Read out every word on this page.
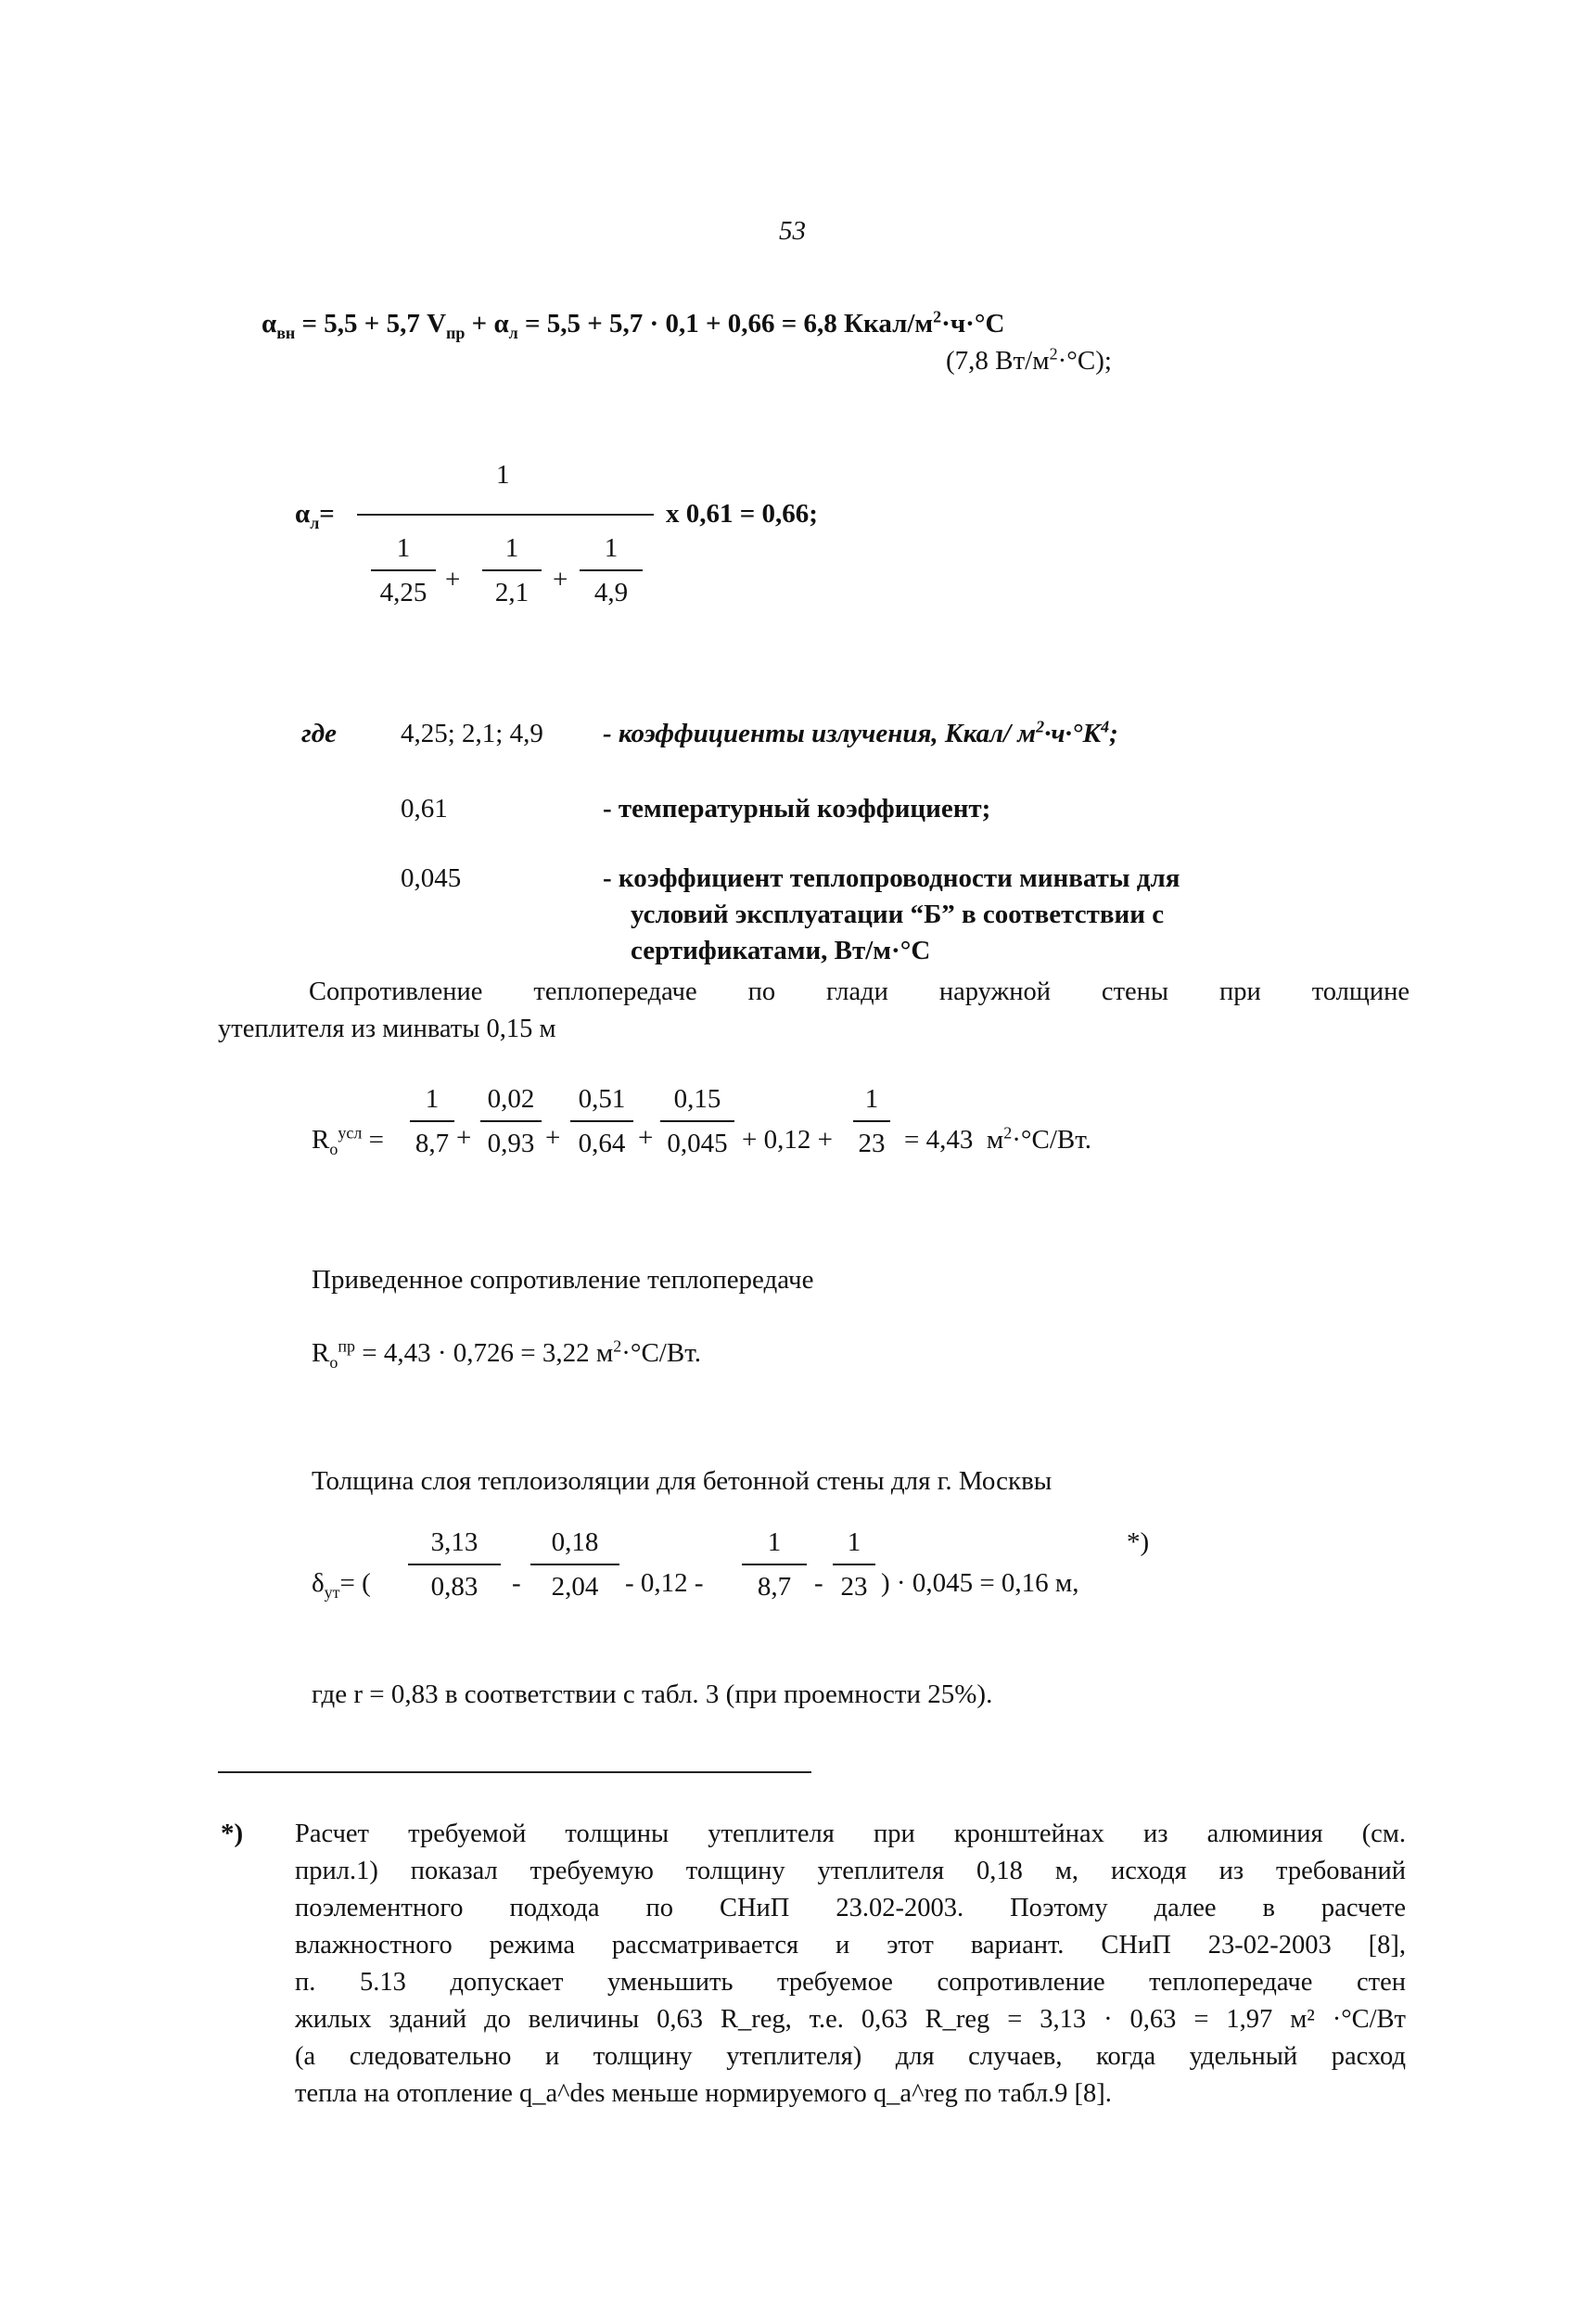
53
$\alpha_{вн} = 5,5 + 5,7$ $V_{пр} + \alpha_л = 5,5 + 5,7 \cdot 0,1 + 0,66 = 6,8$ Ккал/$м^2\cdot ч\cdot^\circ C$
(7,8 $Вт/м^2\cdot^\circ C$);
$\alpha_л=$
1
1
4,25 +
1
2,1 +
1
4,9
x 0,61 = 0,66;
где 4,25; 2,1; 4,9 - коэффициенты излучения, Ккал/ $м^2\cdot ч\cdot^\circ К^4$;
0,61	- температурный коэффициент;
0,045	- коэффициент теплопроводности минваты для
условий эксплуатации “Б” в соответствии с
сертификатами, Вт/м·°С
Сопротивление теплопередаче по глади наружной стены при толщине
утеплителя из минваты 0,15 м
$R_о^{усл}$ =
1
8,7 +
0,02
0,93 +
0,51
0,64 +
0,15
0,045 + 0,12 +
1
23 = 4,43 $м^2\cdot^\circ С/Вт$.
Приведенное сопротивление теплопередаче
$R_о^{пр} = 4,43 \cdot 0,726 = 3,22$ $м^2\cdot^\circ С/Вт$.
Толщина слоя теплоизоляции для бетонной стены для г. Москвы
$\delta_{ут}=$ (
3,13
0,83	-
0,18
2,04 - 0,12 -
1
8,7 -
1
23 ) · 0,045 = 0,16 м,
*)
где r = 0,83 в соответствии с табл. 3 (при проемности 25%).
*) Расчет требуемой толщины утеплителя при кронштейнах из алюминия (см.
прил.1) показал требуемую толщину утеплителя 0,18 м, исходя из требований
поэлементного подхода по СНиП 23.02-2003. Поэтому далее в расчете
влажностного режима рассматривается и этот вариант. СНиП 23-02-2003 [8],
п. 5.13 допускает уменьшить требуемое сопротивление теплопередаче стен
жилых зданий до величины 0,63 R_reg, т.е. 0,63 R_reg = 3,13 · 0,63 = 1,97 м² ·°С/Вт
(а следовательно и толщину утеплителя) для случаев, когда удельный расход
тепла на отопление q_a^des меньше нормируемого q_a^reg по табл.9 [8].
